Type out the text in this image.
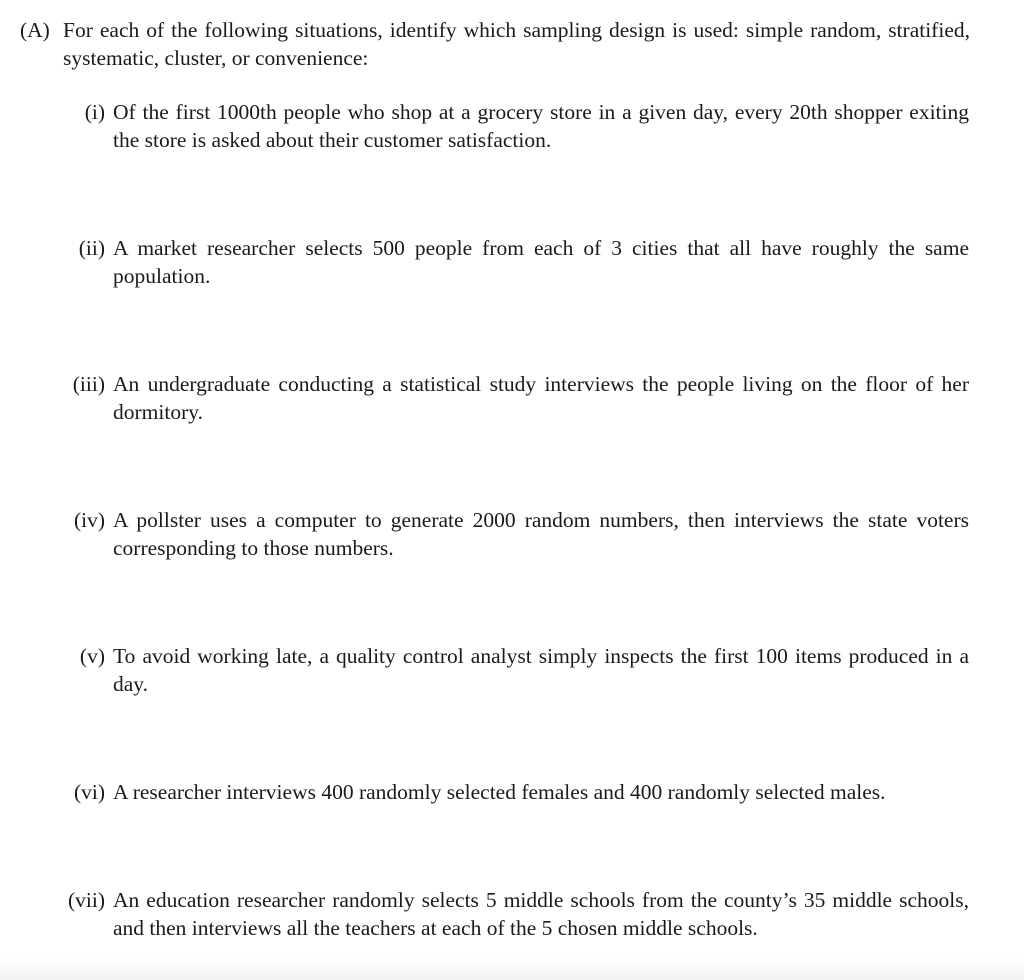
(A) For each of the following situations, identify which sampling design is used: simple random, stratified, systematic, cluster, or convenience:
(i) Of the first 1000th people who shop at a grocery store in a given day, every 20th shopper exiting the store is asked about their customer satisfaction.
(ii) A market researcher selects 500 people from each of 3 cities that all have roughly the same population.
(iii) An undergraduate conducting a statistical study interviews the people living on the floor of her dormitory.
(iv) A pollster uses a computer to generate 2000 random numbers, then interviews the state voters corresponding to those numbers.
(v) To avoid working late, a quality control analyst simply inspects the first 100 items produced in a day.
(vi) A researcher interviews 400 randomly selected females and 400 randomly selected males.
(vii) An education researcher randomly selects 5 middle schools from the county’s 35 middle schools, and then interviews all the teachers at each of the 5 chosen middle schools.
